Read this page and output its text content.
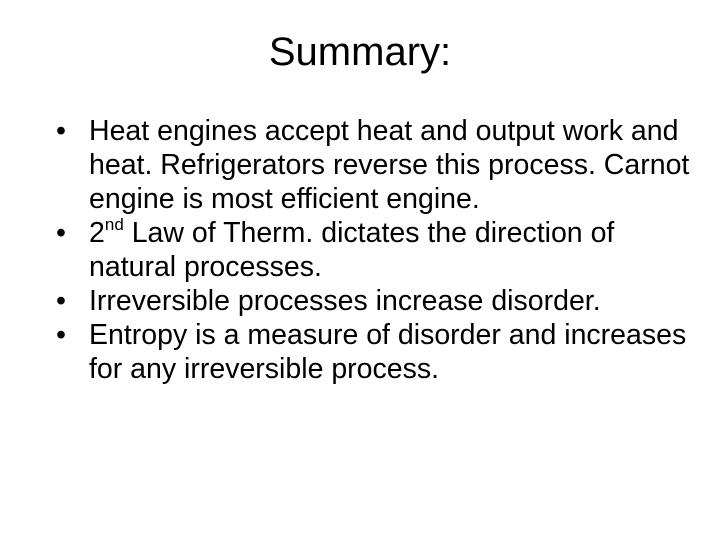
Summary:
• Heat engines accept heat and output work and heat. Refrigerators reverse this process. Carnot engine is most efficient engine.
• 2nd Law of Therm. dictates the direction of natural processes.
• Irreversible processes increase disorder.
• Entropy is a measure of disorder and increases for any irreversible process.
